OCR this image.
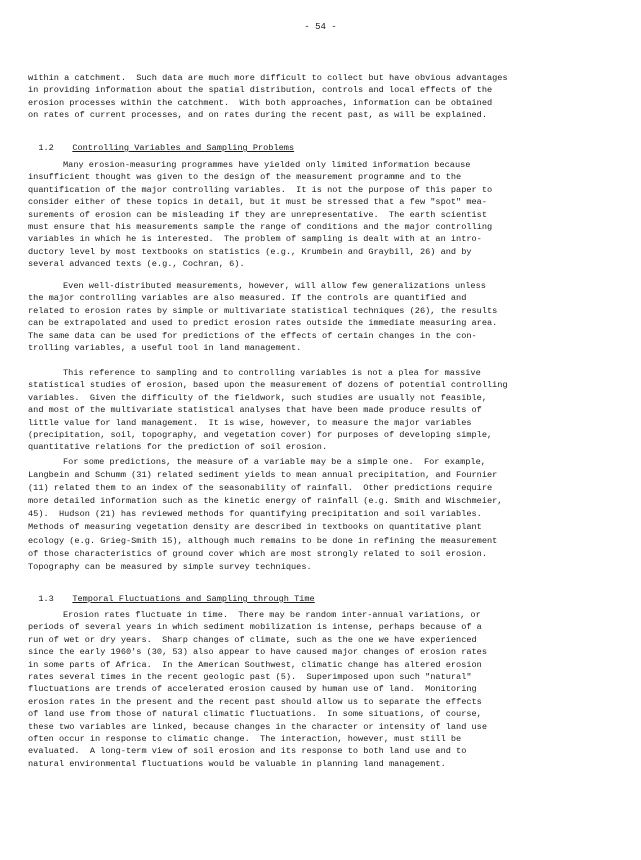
- 54 -
within a catchment.  Such data are much more difficult to collect but have obvious advantages
in providing information about the spatial distribution, controls and local effects of the
erosion processes within the catchment.  With both approaches, information can be obtained
on rates of current processes, and on rates during the recent past, as will be explained.

1.2 Controlling Variables and Sampling Problems

Many erosion-measuring programmes have yielded only limited information because
insufficient thought was given to the design of the measurement programme and to the
quantification of the major controlling variables.  It is not the purpose of this paper to
consider either of these topics in detail, but it must be stressed that a few "spot" mea-
surements of erosion can be misleading if they are unrepresentative.  The earth scientist
must ensure that his measurements sample the range of conditions and the major controlling
variables in which he is interested.  The problem of sampling is dealt with at an intro-
ductory level by most textbooks on statistics (e.g., Krumbein and Graybill, 26) and by
several advanced texts (e.g., Cochran, 6).
Even well-distributed measurements, however, will allow few generalizations unless
the major controlling variables are also measured. If the controls are quantified and
related to erosion rates by simple or multivariate statistical techniques (26), the results
can be extrapolated and used to predict erosion rates outside the immediate measuring area.
The same data can be used for predictions of the effects of certain changes in the con-
trolling variables, a useful tool in land management.
This reference to sampling and to controlling variables is not a plea for massive
statistical studies of erosion, based upon the measurement of dozens of potential controlling
variables.  Given the difficulty of the fieldwork, such studies are usually not feasible,
and most of the multivariate statistical analyses that have been made produce results of
little value for land management.  It is wise, however, to measure the major variables
(precipitation, soil, topography, and vegetation cover) for purposes of developing simple,
quantitative relations for the prediction of soil erosion.
For some predictions, the measure of a variable may be a simple one.  For example,
Langbein and Schumm (31) related sediment yields to mean annual precipitation, and Fournier
(11) related them to an index of the seasonability of rainfall.  Other predictions require
more detailed information such as the kinetic energy of rainfall (e.g. Smith and Wischmeier,
45).  Hudson (21) has reviewed methods for quantifying precipitation and soil variables.
Methods of measuring vegetation density are described in textbooks on quantitative plant
ecology (e.g. Grieg-Smith 15), although much remains to be done in refining the measurement
of those characteristics of ground cover which are most strongly related to soil erosion.
Topography can be measured by simple survey techniques.

1.3 Temporal Fluctuations and Sampling through Time

Erosion rates fluctuate in time.  There may be random inter-annual variations, or
periods of several years in which sediment mobilization is intense, perhaps because of a
run of wet or dry years.  Sharp changes of climate, such as the one we have experienced
since the early 1960's (30, 53) also appear to have caused major changes of erosion rates
in some parts of Africa.  In the American Southwest, climatic change has altered erosion
rates several times in the recent geologic past (5).  Superimposed upon such "natural"
fluctuations are trends of accelerated erosion caused by human use of land.  Monitoring
erosion rates in the present and the recent past should allow us to separate the effects
of land use from those of natural climatic fluctuations.  In some situations, of course,
these two variables are linked, because changes in the character or intensity of land use
often occur in response to climatic change.  The interaction, however, must still be
evaluated.  A long-term view of soil erosion and its response to both land use and to
natural environmental fluctuations would be valuable in planning land management.
